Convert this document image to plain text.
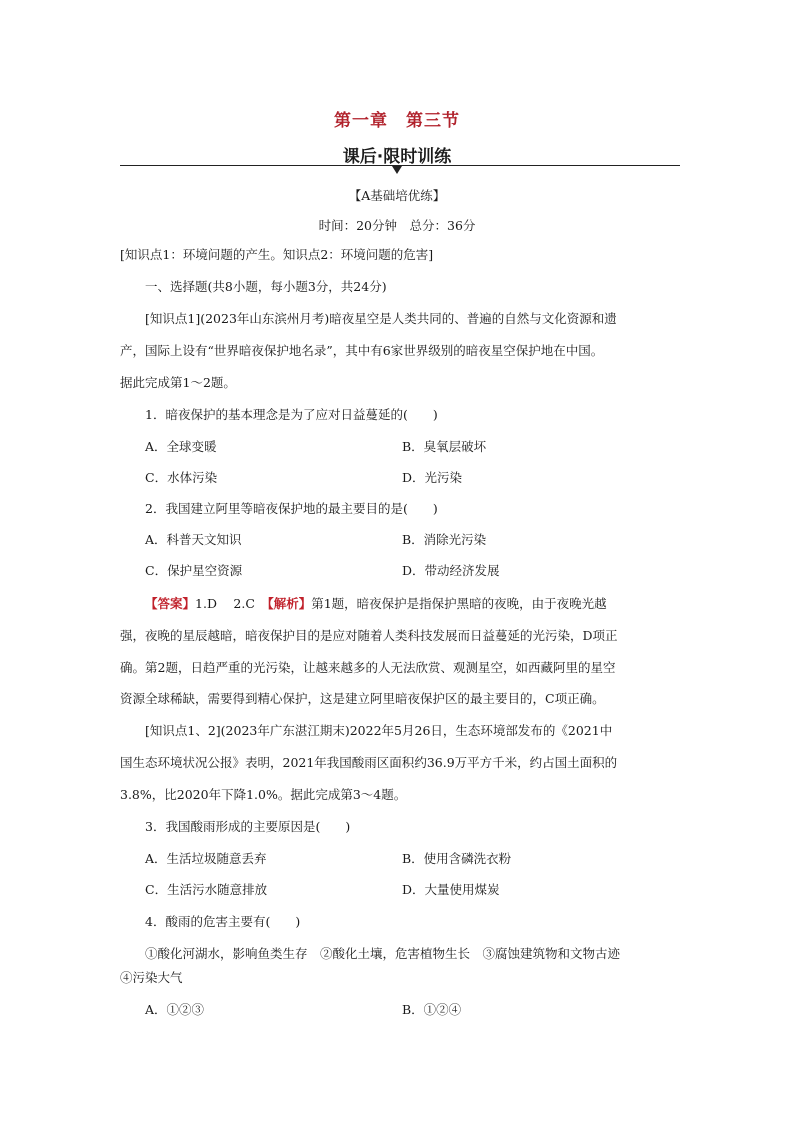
第一章　第三节
课后·限时训练
【A基础培优练】
时间：20分钟　总分：36分
[知识点1：环境问题的产生。知识点2：环境问题的危害]
一、选择题(共8小题，每小题3分，共24分)
[知识点1](2023年山东滨州月考)暗夜星空是人类共同的、普遍的自然与文化资源和遗
产，国际上设有“世界暗夜保护地名录”，其中有6家世界级别的暗夜星空保护地在中国。
据此完成第1～2题。
1．暗夜保护的基本理念是为了应对日益蔓延的(　　)
A．全球变暖	B．臭氧层破坏
C．水体污染	D．光污染
2．我国建立阿里等暗夜保护地的最主要目的是(　　)
A．科普天文知识	B．消除光污染
C．保护星空资源	D．带动经济发展
【答案】1.D　 2.C　【解析】第1题，暗夜保护是指保护黑暗的夜晚，由于夜晚光越
强，夜晚的星辰越暗，暗夜保护目的是应对随着人类科技发展而日益蔓延的光污染，D项正
确。第2题，日趋严重的光污染，让越来越多的人无法欣赏、观测星空，如西藏阿里的星空
资源全球稀缺，需要得到精心保护，这是建立阿里暗夜保护区的最主要目的，C项正确。
[知识点1、2](2023年广东湛江期末)2022年5月26日，生态环境部发布的《2021中
国生态环境状况公报》表明，2021年我国酸雨区面积约36.9万平方千米，约占国土面积的
3.8%，比2020年下降1.0%。据此完成第3～4题。
3．我国酸雨形成的主要原因是(　　)
A．生活垃圾随意丢弃	B．使用含磷洗衣粉
C．生活污水随意排放	D．大量使用煤炭
4．酸雨的危害主要有(　　)
①酸化河湖水，影响鱼类生存　②酸化土壤，危害植物生长　③腐蚀建筑物和文物古迹
④污染大气
A．①②③	B．①②④
